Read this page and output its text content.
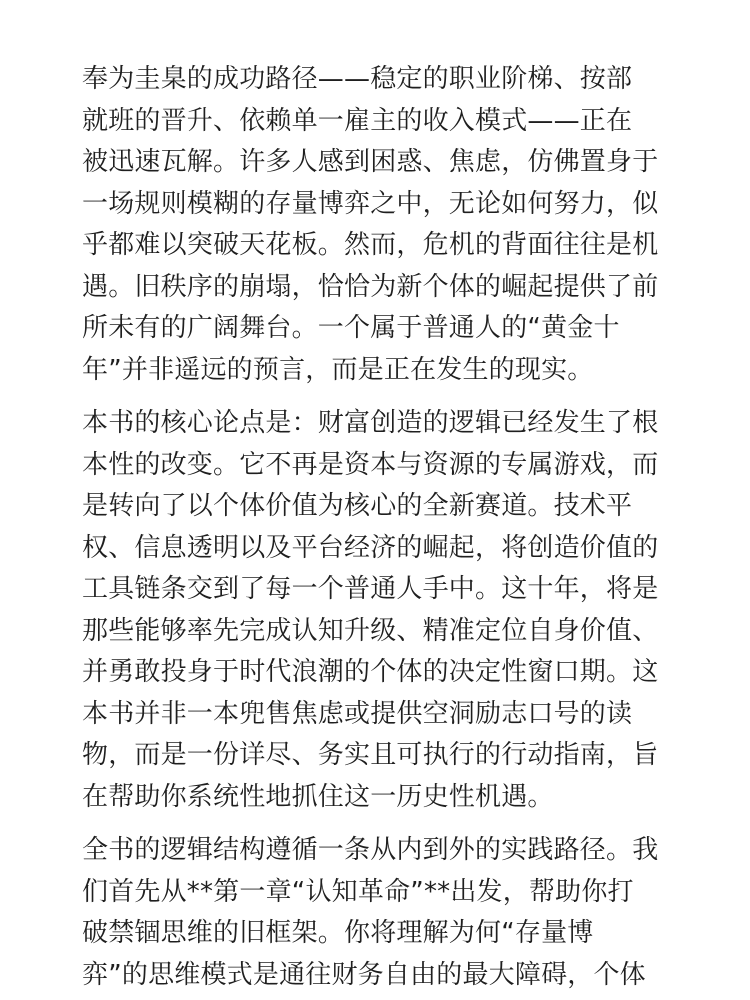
奉为圭臬的成功路径——稳定的职业阶梯、按部
就班的晋升、依赖单一雇主的收入模式——正在
被迅速瓦解。许多人感到困惑、焦虑，仿佛置身于
一场规则模糊的存量博弈之中，无论如何努力，似
乎都难以突破天花板。然而，危机的背面往往是机
遇。旧秩序的崩塌，恰恰为新个体的崛起提供了前
所未有的广阔舞台。一个属于普通人的“黄金十
年”并非遥远的预言，而是正在发生的现实。
本书的核心论点是：财富创造的逻辑已经发生了根
本性的改变。它不再是资本与资源的专属游戏，而
是转向了以个体价值为核心的全新赛道。技术平
权、信息透明以及平台经济的崛起，将创造价值的
工具链条交到了每一个普通人手中。这十年，将是
那些能够率先完成认知升级、精准定位自身价值、
并勇敢投身于时代浪潮的个体的决定性窗口期。这
本书并非一本兜售焦虑或提供空洞励志口号的读
物，而是一份详尽、务实且可执行的行动指南，旨
在帮助你系统性地抓住这一历史性机遇。
全书的逻辑结构遵循一条从内到外的实践路径。我
们首先从**第一章“认知革命”**出发，帮助你打
破禁锢思维的旧框架。你将理解为何“存量博
弈”的思维模式是通往财务自由的最大障碍，个体
